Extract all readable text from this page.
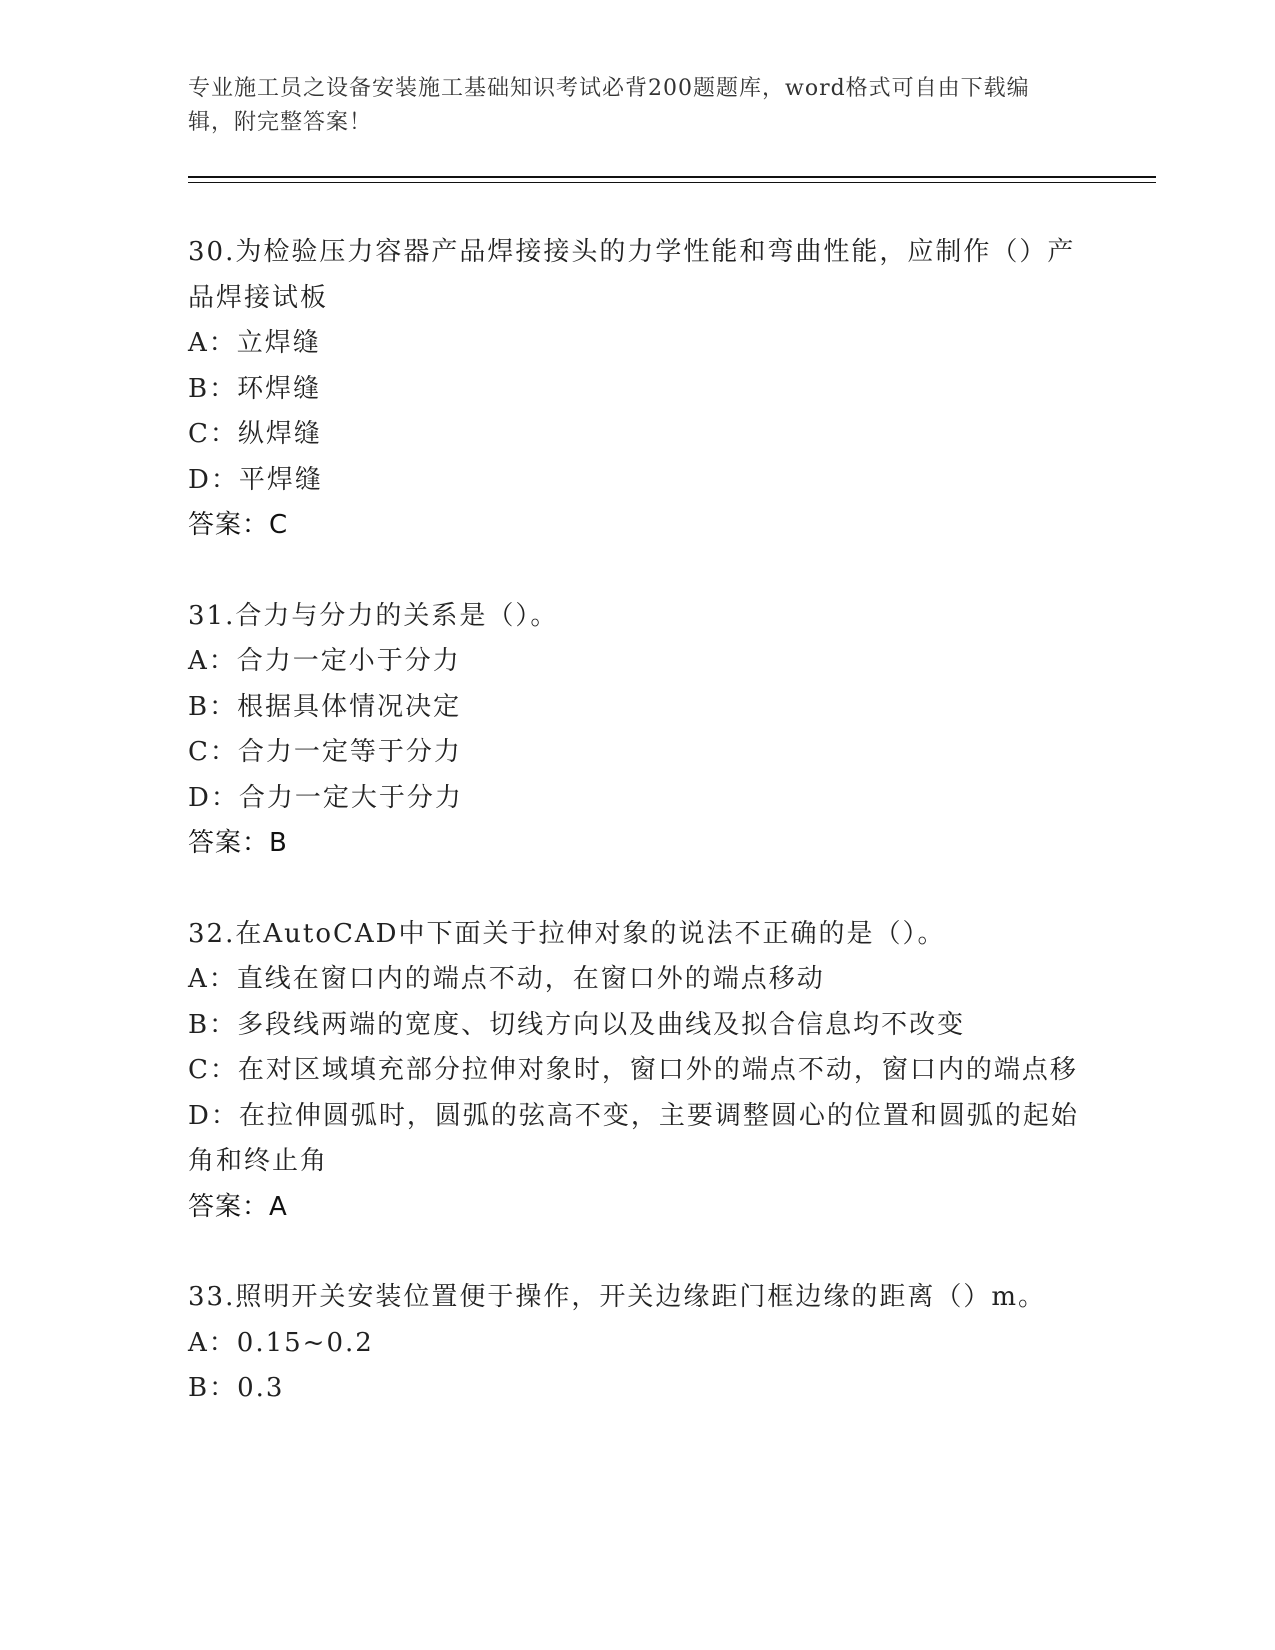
专业施工员之设备安装施工基础知识考试必背200题题库，word格式可自由下载编辑，附完整答案！
30.为检验压力容器产品焊接接头的力学性能和弯曲性能，应制作（）产品焊接试板
A：立焊缝
B：环焊缝
C：纵焊缝
D：平焊缝
答案：C
31.合力与分力的关系是（）。
A：合力一定小于分力
B：根据具体情况决定
C：合力一定等于分力
D：合力一定大于分力
答案：B
32.在AutoCAD中下面关于拉伸对象的说法不正确的是（）。
A：直线在窗口内的端点不动，在窗口外的端点移动
B：多段线两端的宽度、切线方向以及曲线及拟合信息均不改变
C：在对区域填充部分拉伸对象时，窗口外的端点不动，窗口内的端点移
D：在拉伸圆弧时，圆弧的弦高不变，主要调整圆心的位置和圆弧的起始角和终止角
答案：A
33.照明开关安装位置便于操作，开关边缘距门框边缘的距离（）m。
A：0.15~0.2
B：0.3
